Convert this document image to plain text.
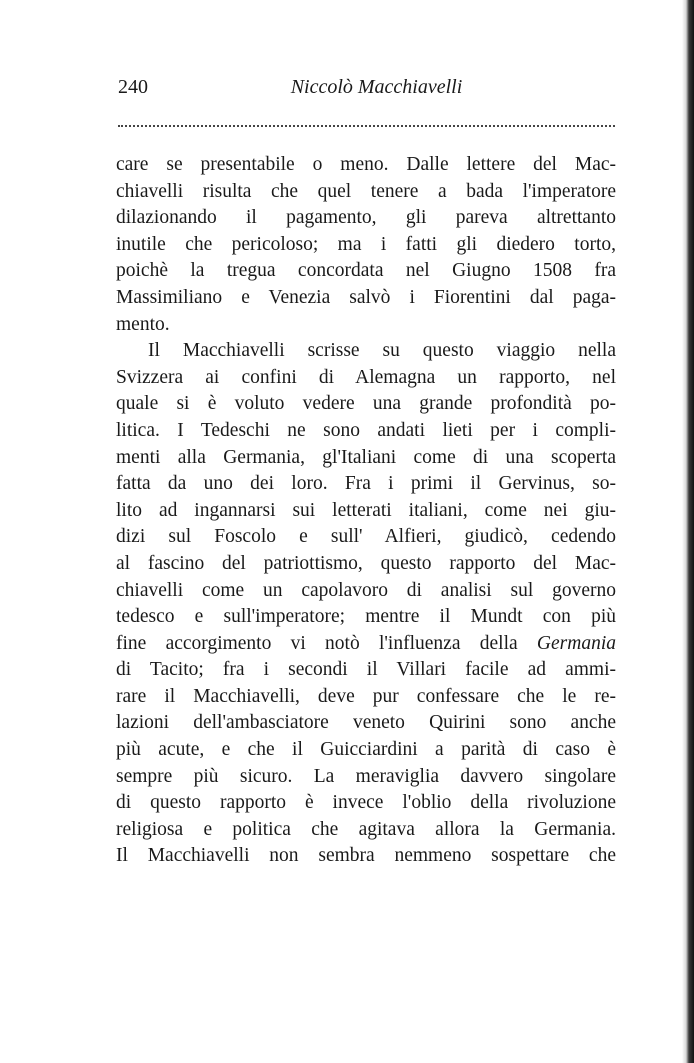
240	Niccolò Macchiavelli
care se presentabile o meno. Dalle lettere del Mac-
chiavelli risulta che quel tenere a bada l'imperatore
dilazionando il pagamento, gli pareva altrettanto
inutile che pericoloso; ma i fatti gli diedero torto,
poichè la tregua concordata nel Giugno 1508 fra
Massimiliano e Venezia salvò i Fiorentini dal paga-
mento.
Il Macchiavelli scrisse su questo viaggio nella
Svizzera ai confini di Alemagna un rapporto, nel
quale si è voluto vedere una grande profondità po-
litica. I Tedeschi ne sono andati lieti per i compli-
menti alla Germania, gl'Italiani come di una scoperta
fatta da uno dei loro. Fra i primi il Gervinus, so-
lito ad ingannarsi sui letterati italiani, come nei giu-
dizi sul Foscolo e sull' Alfieri, giudicò, cedendo
al fascino del patriottismo, questo rapporto del Mac-
chiavelli come un capolavoro di analisi sul governo
tedesco e sull'imperatore; mentre il Mundt con più
fine accorgimento vi notò l'influenza della Germania
di Tacito; fra i secondi il Villari facile ad ammi-
rare il Macchiavelli, deve pur confessare che le re-
lazioni dell'ambasciatore veneto Quirini sono anche
più acute, e che il Guicciardini a parità di caso è
sempre più sicuro. La meraviglia davvero singolare
di questo rapporto è invece l'oblio della rivoluzione
religiosa e politica che agitava allora la Germania.
Il Macchiavelli non sembra nemmeno sospettare che
